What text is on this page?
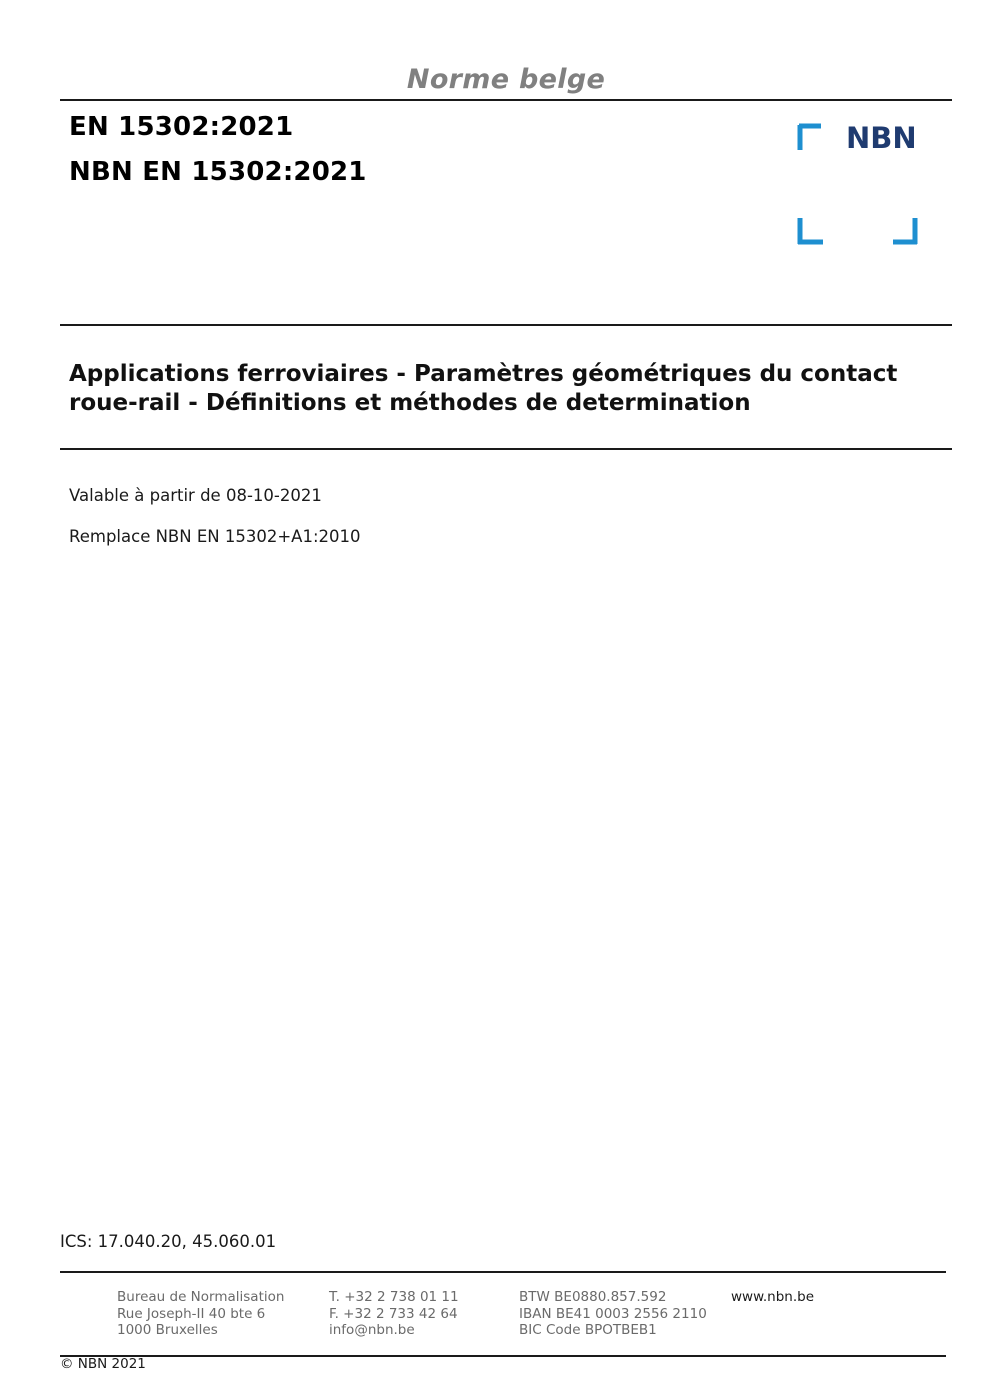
Norme belge
EN 15302:2021
NBN EN 15302:2021
NBN
Applications ferroviaires - Paramètres géométriques du contact
roue-rail - Définitions et méthodes de determination
Valable à partir de 08-10-2021
Remplace NBN EN 15302+A1:2010
ICS: 17.040.20, 45.060.01
Bureau de Normalisation
Rue Joseph-II 40 bte 6
1000 Bruxelles
T. +32 2 738 01 11
F. +32 2 733 42 64
info@nbn.be
BTW BE0880.857.592
IBAN BE41 0003 2556 2110
BIC Code BPOTBEB1
www.nbn.be
© NBN 2021
